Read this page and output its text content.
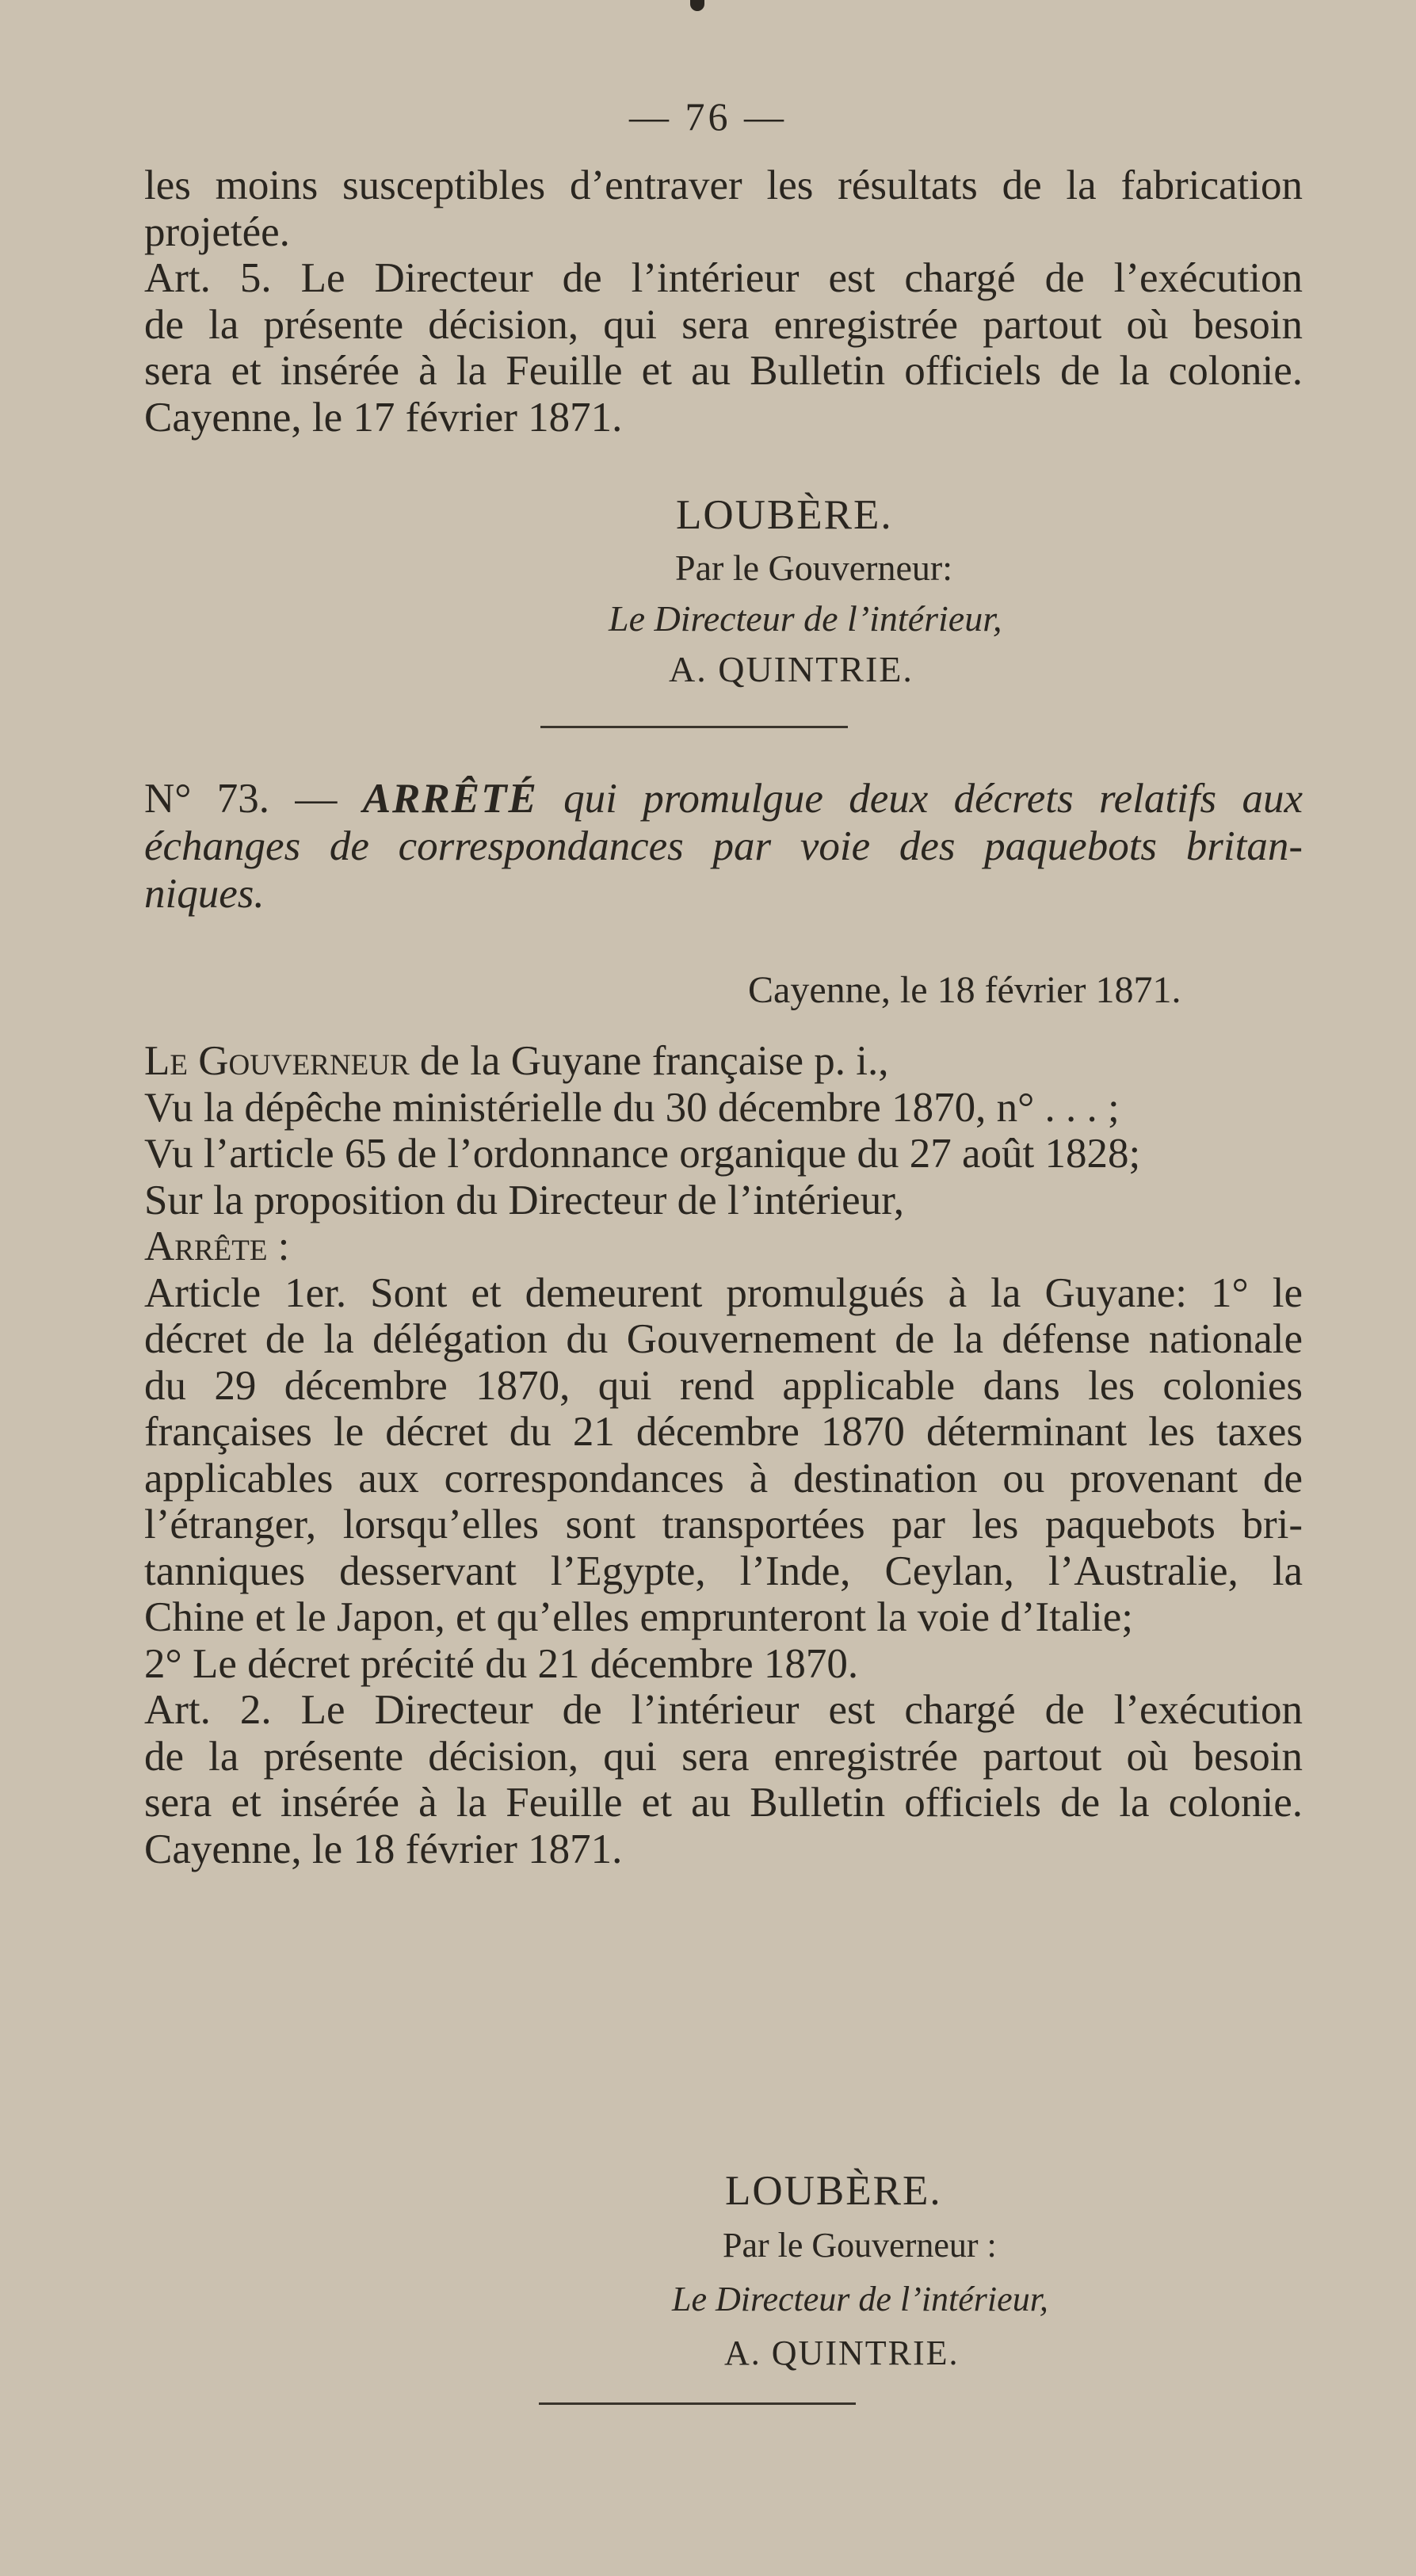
— 76 —
les moins susceptibles d’entraver les résultats de la fabrication
projetée.
Art. 5. Le Directeur de l’intérieur est chargé de l’exécution
de la présente décision, qui sera enregistrée partout où besoin
sera et insérée à la Feuille et au Bulletin officiels de la colonie.
Cayenne, le 17 février 1871.
LOUBÈRE.
Par le Gouverneur:
Le Directeur de l’intérieur,
A. QUINTRIE.
N° 73. — ARRÊTÉ qui promulgue deux décrets relatifs aux
échanges de correspondances par voie des paquebots britan-
niques.
Cayenne, le 18 février 1871.
Le Gouverneur de la Guyane française p. i.,
Vu la dépêche ministérielle du 30 décembre 1870, n° . . . ;
Vu l’article 65 de l’ordonnance organique du 27 août 1828;
Sur la proposition du Directeur de l’intérieur,
Arrête :
Article 1er. Sont et demeurent promulgués à la Guyane: 1° le
décret de la délégation du Gouvernement de la défense nationale
du 29 décembre 1870, qui rend applicable dans les colonies
françaises le décret du 21 décembre 1870 déterminant les taxes
applicables aux correspondances à destination ou provenant de
l’étranger, lorsqu’elles sont transportées par les paquebots bri-
tanniques desservant l’Egypte, l’Inde, Ceylan, l’Australie, la
Chine et le Japon, et qu’elles emprunteront la voie d’Italie;
2° Le décret précité du 21 décembre 1870.
Art. 2. Le Directeur de l’intérieur est chargé de l’exécution
de la présente décision, qui sera enregistrée partout où besoin
sera et insérée à la Feuille et au Bulletin officiels de la colonie.
Cayenne, le 18 février 1871.
LOUBÈRE.
Par le Gouverneur :
Le Directeur de l’intérieur,
A. QUINTRIE.
